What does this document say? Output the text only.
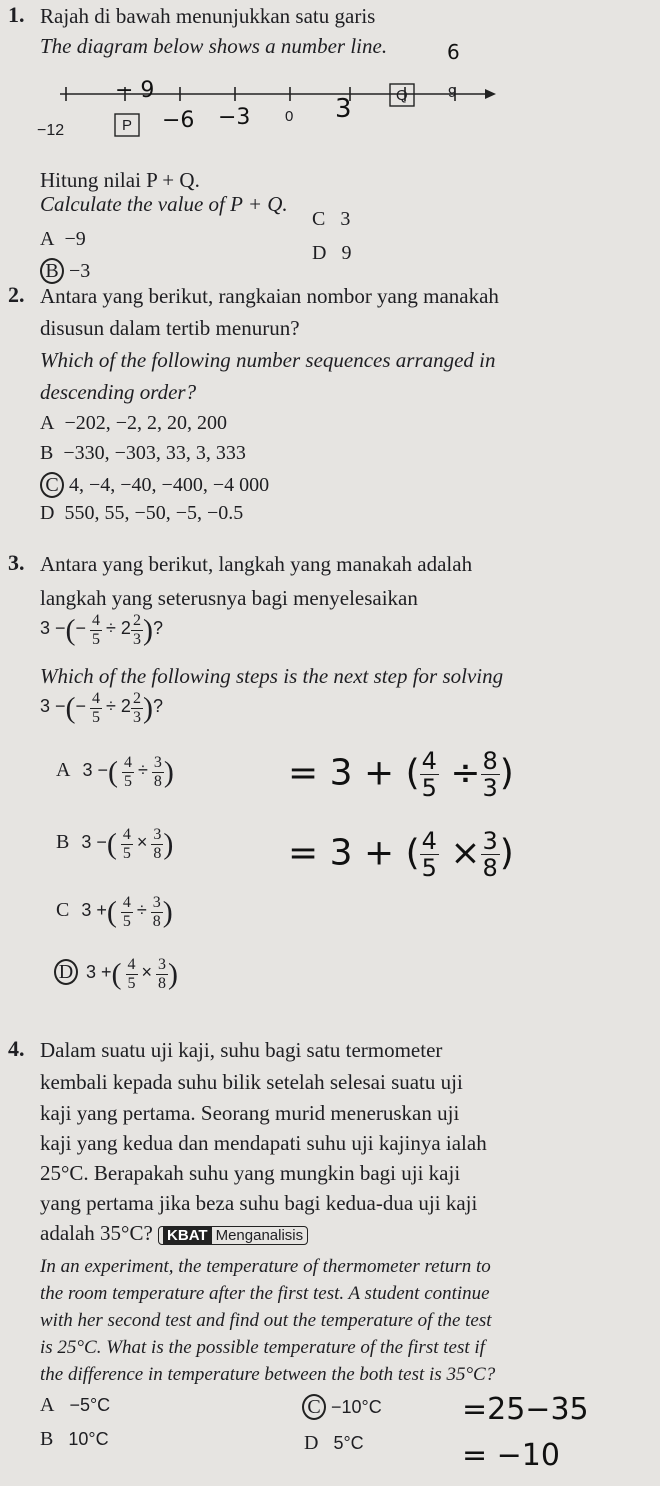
1. Rajah di bawah menunjukkan satu garis
The diagram below shows a number line.
−12	P
0
Q	9
6
− 9
−6 −3	3
Hitung nilai P + Q.
Calculate the value of P + Q.
A −9
B −3
C 3
D 9
2. Antara yang berikut, rangkaian nombor yang manakah
disusun dalam tertib menurun?
Which of the following number sequences arranged in
descending order?
A −202, −2, 2, 20, 200
B −330, −303, 33, 3, 333
C 4, −4, −40, −400, −4 000
D 550, 55, −50, −5, −0.5
3. Antara yang berikut, langkah yang manakah adalah
langkah yang seterusnya bagi menyelesaikan
3 −(− $\frac{4}{5} \div 2 \frac{2}{3}$ )?
Which of the following steps is the next step for solving
3 −(− $\frac{4}{5} \div 2 \frac{2}{3}$ )?
A 3 −( $\frac{4}{5} \div \frac{3}{8}$ )
B 3 −( $\frac{4}{5} \times \frac{3}{8}$ )
C 3 +( $\frac{4}{5} \div \frac{3}{8}$ )
D 3 +( $\frac{4}{5} \times \frac{3}{8}$ )
= 3 + ( $\frac{4}{5} \div \frac{8}{3}$ )
= 3 + ( $\frac{4}{5} \times \frac{3}{8}$ )
4. Dalam suatu uji kaji, suhu bagi satu termometer
kembali kepada suhu bilik setelah selesai suatu uji
kaji yang pertama. Seorang murid meneruskan uji
kaji yang kedua dan mendapati suhu uji kajinya ialah
25°C. Berapakah suhu yang mungkin bagi uji kaji
yang pertama jika beza suhu bagi kedua-dua uji kaji
adalah 35°C? KBAT Menganalisis
In an experiment, the temperature of thermometer return to
the room temperature after the first test. A student continue
with her second test and find out the temperature of the test
is 25°C. What is the possible temperature of the first test if
the difference in temperature between the both test is 35°C?
A −5°C
B 10°C
C −10°C
D 5°C
=25−35
= −10
